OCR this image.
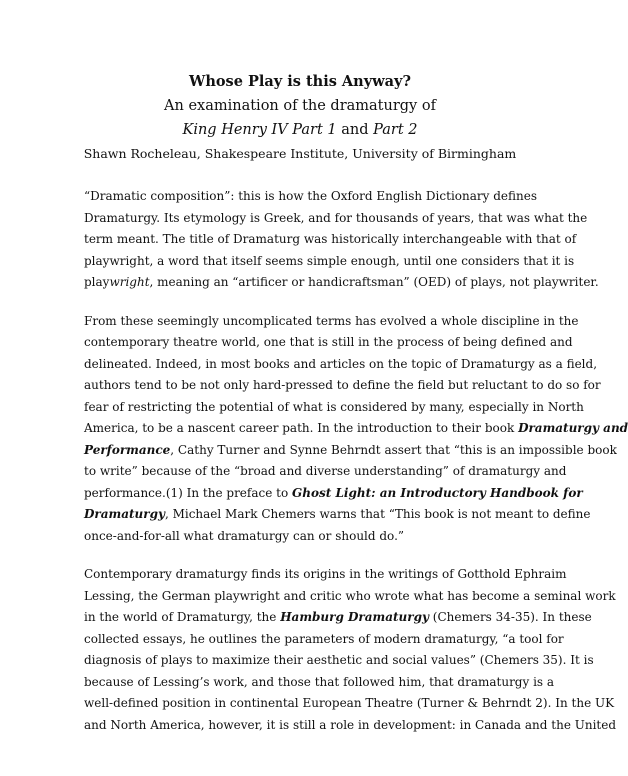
Whose Play is this Anyway?
An examination of the dramaturgy of
King Henry IV Part 1 and Part 2
Shawn Rocheleau, Shakespeare Institute, University of Birmingham
“Dramatic composition”: this is how the Oxford English Dictionary defines
Dramaturgy. Its etymology is Greek, and for thousands of years, that was what the
term meant. The title of Dramaturg was historically interchangeable with that of
playwright, a word that itself seems simple enough, until one considers that it is
playwright, meaning an “artificer or handicraftsman” (OED) of plays, not playwriter.
From these seemingly uncomplicated terms has evolved a whole discipline in the
contemporary theatre world, one that is still in the process of being defined and
delineated. Indeed, in most books and articles on the topic of Dramaturgy as a field,
authors tend to be not only hard-pressed to define the field but reluctant to do so for
fear of restricting the potential of what is considered by many, especially in North
America, to be a nascent career path. In the introduction to their book Dramaturgy and
Performance, Cathy Turner and Synne Behrndt assert that “this is an impossible book
to write” because of the “broad and diverse understanding” of dramaturgy and
performance.(1) In the preface to Ghost Light: an Introductory Handbook for
Dramaturgy, Michael Mark Chemers warns that “This book is not meant to define
once-and-for-all what dramaturgy can or should do.”
Contemporary dramaturgy finds its origins in the writings of Gotthold Ephraim
Lessing, the German playwright and critic who wrote what has become a seminal work
in the world of Dramaturgy, the Hamburg Dramaturgy (Chemers 34-35). In these
collected essays, he outlines the parameters of modern dramaturgy, “a tool for
diagnosis of plays to maximize their aesthetic and social values” (Chemers 35). It is
because of Lessing’s work, and those that followed him, that dramaturgy is a
well-defined position in continental European Theatre (Turner & Behrndt 2). In the UK
and North America, however, it is still a role in development: in Canada and the United
